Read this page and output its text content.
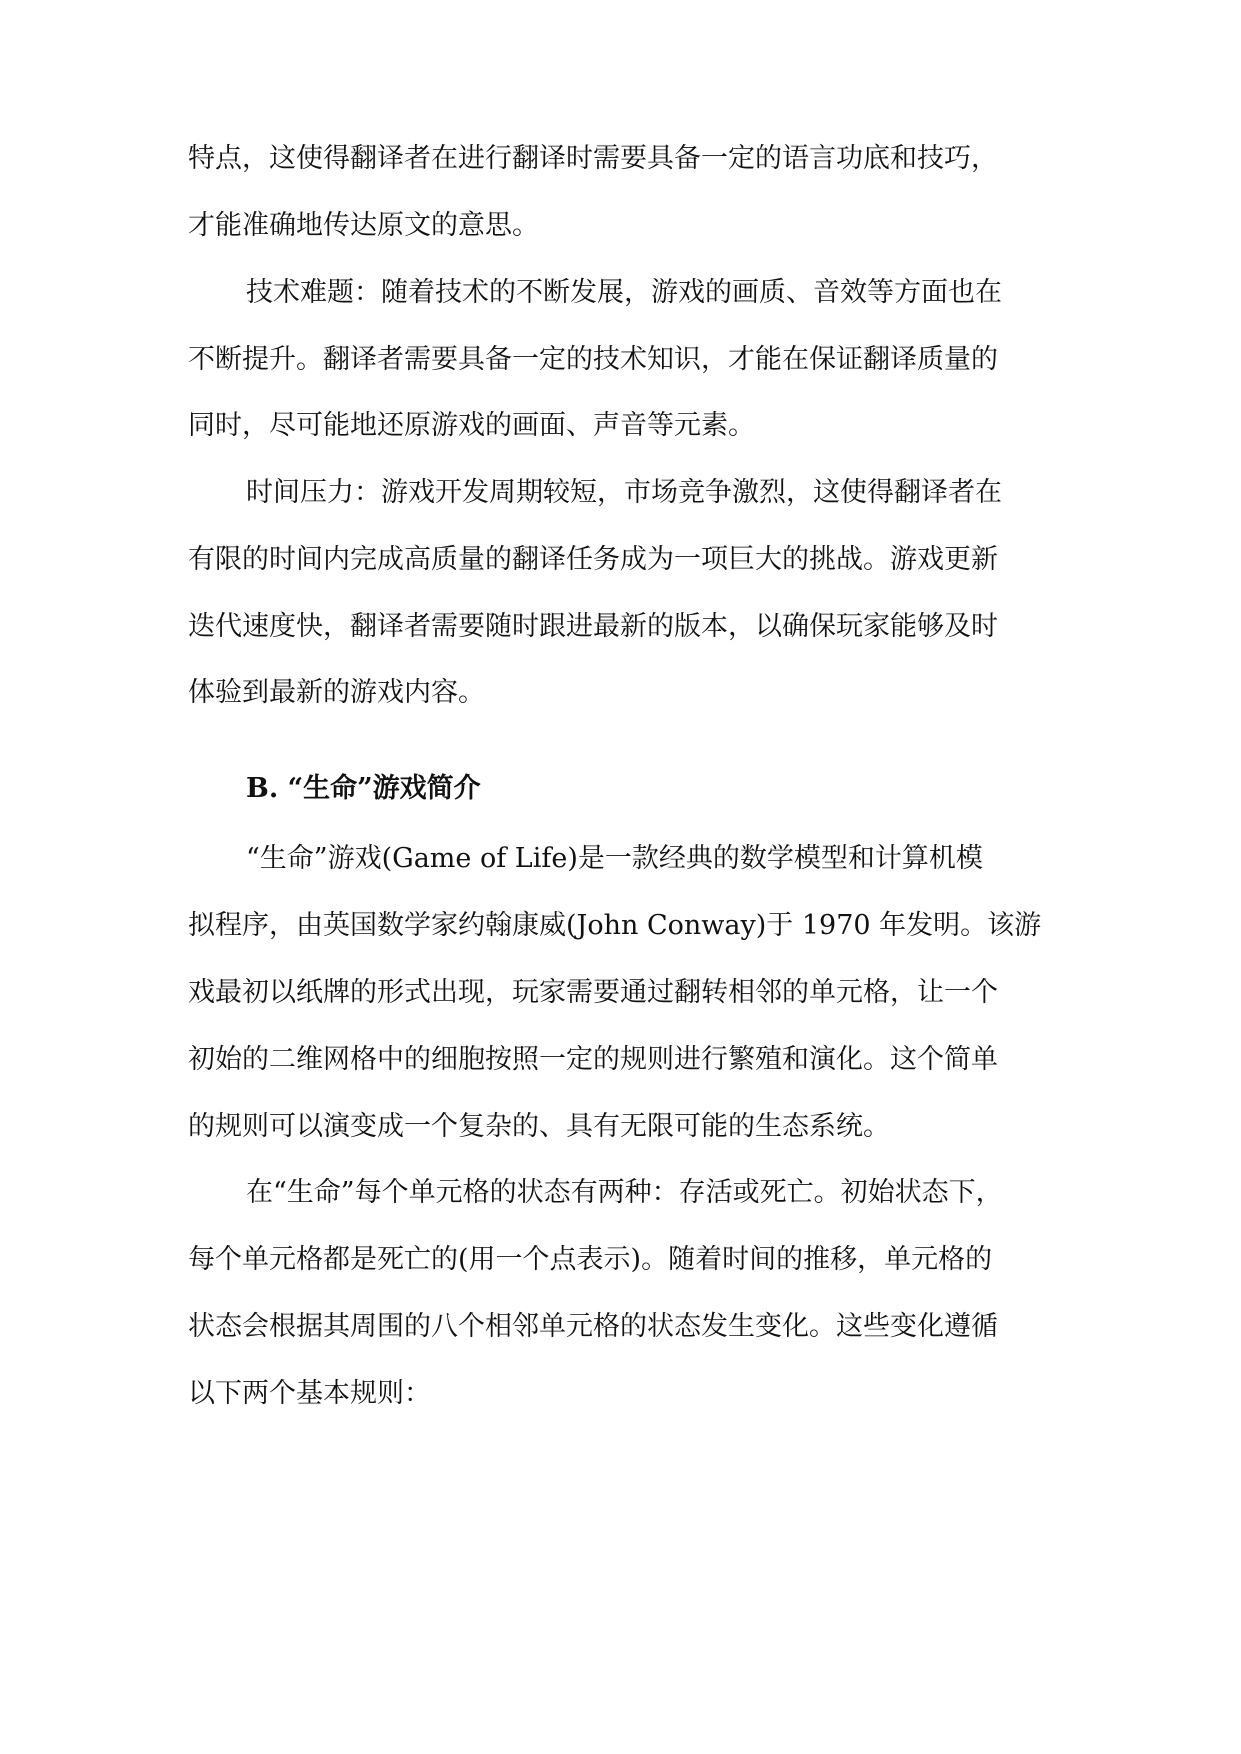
特点，这使得翻译者在进行翻译时需要具备一定的语言功底和技巧，
才能准确地传达原文的意思。
技术难题：随着技术的不断发展，游戏的画质、音效等方面也在
不断提升。翻译者需要具备一定的技术知识，才能在保证翻译质量的
同时，尽可能地还原游戏的画面、声音等元素。
时间压力：游戏开发周期较短，市场竞争激烈，这使得翻译者在
有限的时间内完成高质量的翻译任务成为一项巨大的挑战。游戏更新
迭代速度快，翻译者需要随时跟进最新的版本，以确保玩家能够及时
体验到最新的游戏内容。
B. “生命”游戏简介
“生命”游戏(Game of Life)是一款经典的数学模型和计算机模
拟程序，由英国数学家约翰康威(John Conway)于 1970 年发明。该游
戏最初以纸牌的形式出现，玩家需要通过翻转相邻的单元格，让一个
初始的二维网格中的细胞按照一定的规则进行繁殖和演化。这个简单
的规则可以演变成一个复杂的、具有无限可能的生态系统。
在“生命”每个单元格的状态有两种：存活或死亡。初始状态下，
每个单元格都是死亡的(用一个点表示)。随着时间的推移，单元格的
状态会根据其周围的八个相邻单元格的状态发生变化。这些变化遵循
以下两个基本规则：
